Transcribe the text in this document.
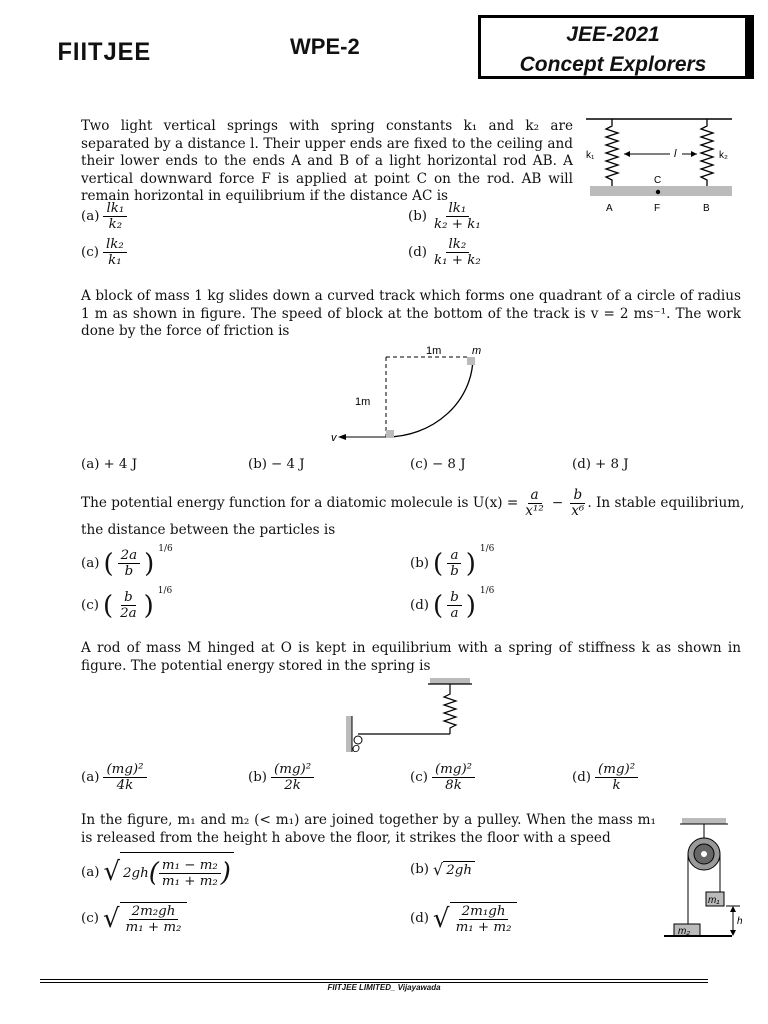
FIITJEE	WPE-2	JEE-2021
Concept Explorers

Two light vertical springs with spring constants k₁ and k₂ are separated by a distance l. Their upper ends are fixed to the ceiling and their lower ends to the ends A and B of a light horizontal rod AB. A vertical downward force F is applied at point C on the rod. AB will remain horizontal in equilibrium if the distance AC is

k₁	k₂
l
C
A	F	B
$(a) \frac{\text{lk₁}}{\text{k₂}}$	$(b) \frac{\text{lk₁}}{\text{k₂ + k₁}}$
$(c) \frac{\text{lk₂}}{\text{k₁}}$	$(d) \frac{\text{lk₂}}{\text{k₁ + k₂}}$

A block of mass 1 kg slides down a curved track which forms one quadrant of a circle of radius 1 m as shown in figure. The speed of block at the bottom of the track is v = 2 ms⁻¹. The work done by the force of friction is

1m	m
1m
v
(a) + 4 J	(b) − 4 J	(c) − 8 J	(d) + 8 J
The potential energy function for a diatomic molecule is $U(x) = \frac{a}{\text{x¹²}} - \frac{b}{\text{x⁶}}$ . In stable equilibrium,

the distance between the particles is

(a) ( $\frac{2a}{b}$ ) 1/6
(b) ( $\frac{a}{b}$ ) 1/6
(c) ( $\frac{b}{2a}$ ) 1/6
(d) ( $\frac{b}{a}$ ) 1/6

A rod of mass M hinged at O is kept in equilibrium with a spring of stiffness k as shown in figure. The potential energy stored in the spring is

O
$(a) \frac{\text{(mg)²}}{4k}$	$(b) \frac{\text{(mg)²}}{2k}$	$(c) \frac{\text{(mg)²}}{8k}$	$(d) \frac{\text{(mg)²}}{k}$

In the figure, m₁ and m₂ (< m₁) are joined together by a pulley. When the mass m₁ is released from the height h above the floor, it strikes the floor with a speed

m₁
m₂
h
(a) √ 2gh ( $\frac{\text{m₁ − m₂}}{\text{m₁ + m₂}}$ )	(b) √ 2gh
(c) √ $\frac{\text{2m₂gh}}{\text{m₁ + m₂}}$	(d) √ $\frac{\text{2m₁gh}}{\text{m₁ + m₂}}$
FIITJEE LIMITED_ Vijayawada
